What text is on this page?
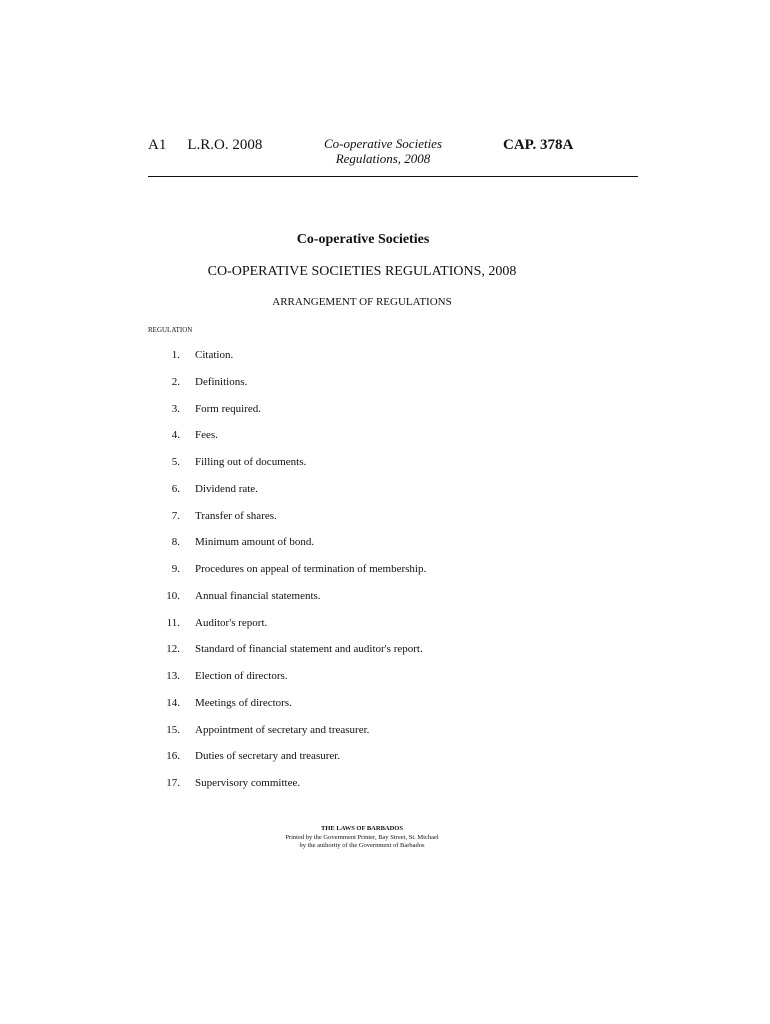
A1 L.R.O. 2008	Co-operative Societies
Regulations, 2008
CAP. 378A
Co-operative Societies
CO-OPERATIVE SOCIETIES REGULATIONS, 2008
ARRANGEMENT OF REGULATIONS
REGULATION
1. Citation.
2. Definitions.
3. Form required.
4. Fees.
5. Filling out of documents.
6. Dividend rate.
7. Transfer of shares.
8. Minimum amount of bond.
9. Procedures on appeal of termination of membership.
10. Annual financial statements.
11. Auditor's report.
12. Standard of financial statement and auditor's report.
13. Election of directors.
14. Meetings of directors.
15. Appointment of secretary and treasurer.
16. Duties of secretary and treasurer.
17. Supervisory committee.
THE LAWS OF BARBADOS
Printed by the Government Printer, Bay Street, St. Michael
by the authority of the Government of Barbados
